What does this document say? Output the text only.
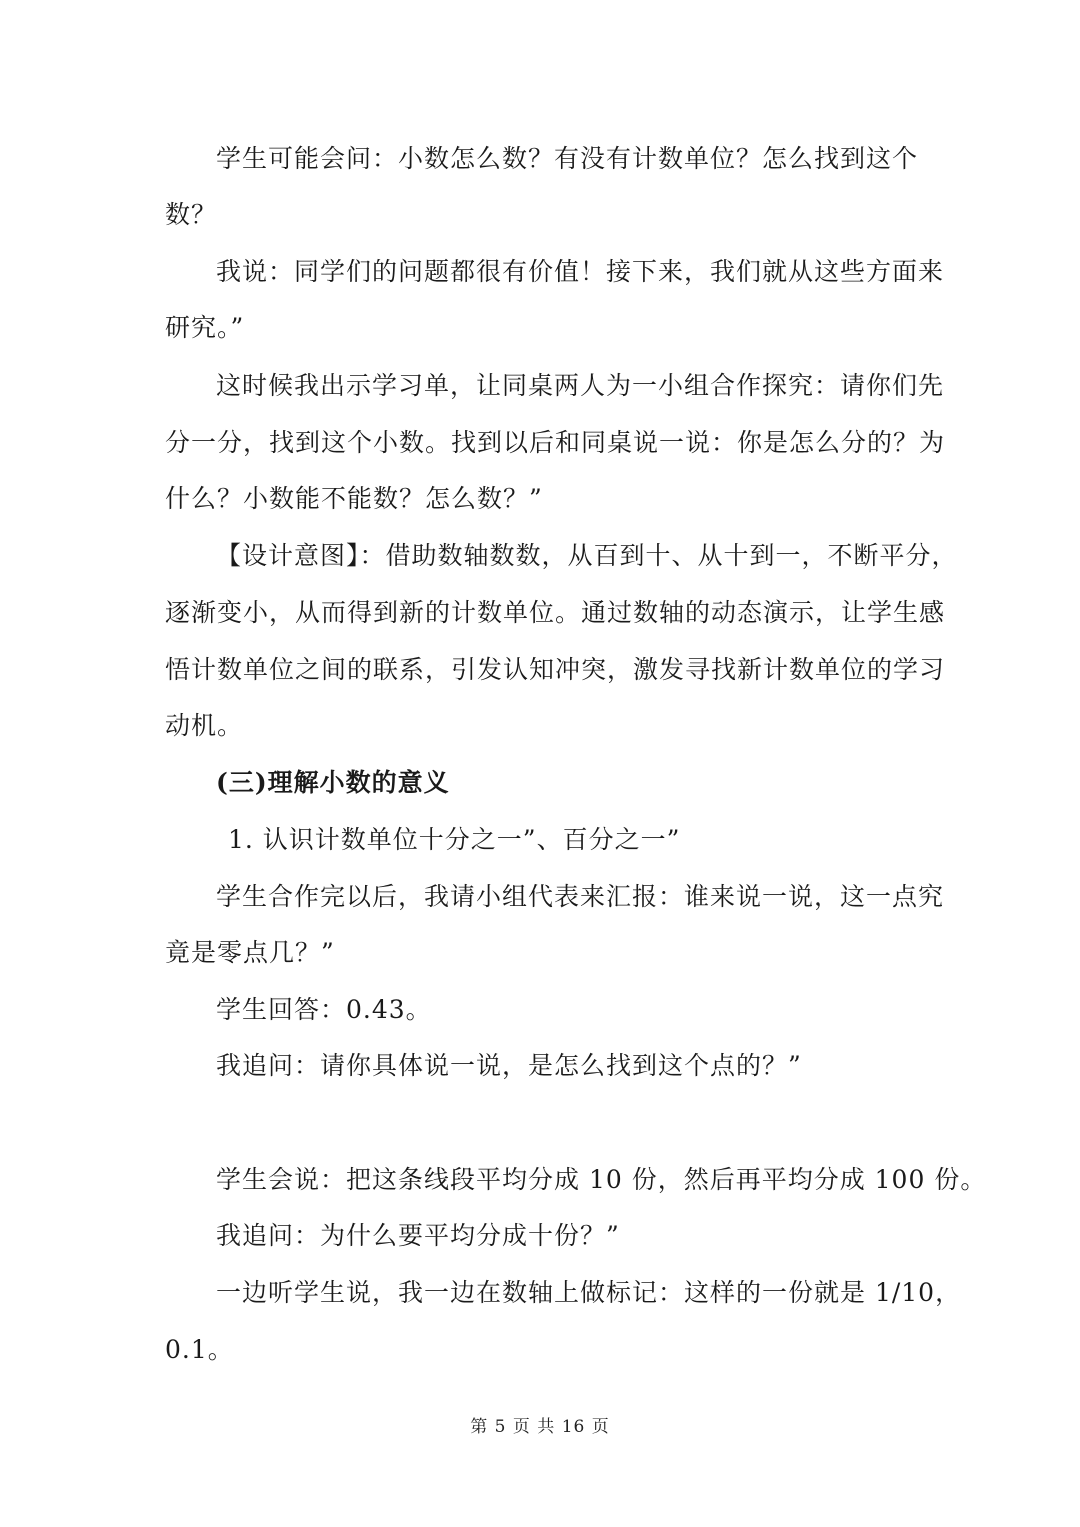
学生可能会问：小数怎么数？有没有计数单位？怎么找到这个
数？
我说：同学们的问题都很有价值！接下来，我们就从这些方面来
研究。”
这时候我出示学习单，让同桌两人为一小组合作探究：请你们先
分一分，找到这个小数。找到以后和同桌说一说：你是怎么分的？为
什么？小数能不能数？怎么数？”
【设计意图】：借助数轴数数，从百到十、从十到一，不断平分，
逐渐变小，从而得到新的计数单位。通过数轴的动态演示，让学生感
悟计数单位之间的联系，引发认知冲突，激发寻找新计数单位的学习
动机。
(三)理解小数的意义
1. 认识计数单位十分之一”、百分之一”
学生合作完以后，我请小组代表来汇报：谁来说一说，这一点究
竟是零点几？”
学生回答：0.43。
我追问：请你具体说一说，是怎么找到这个点的？”
学生会说：把这条线段平均分成 10 份，然后再平均分成 100 份。
我追问：为什么要平均分成十份？”
一边听学生说，我一边在数轴上做标记：这样的一份就是 1/10，
0.1。
第 5 页 共 16 页
